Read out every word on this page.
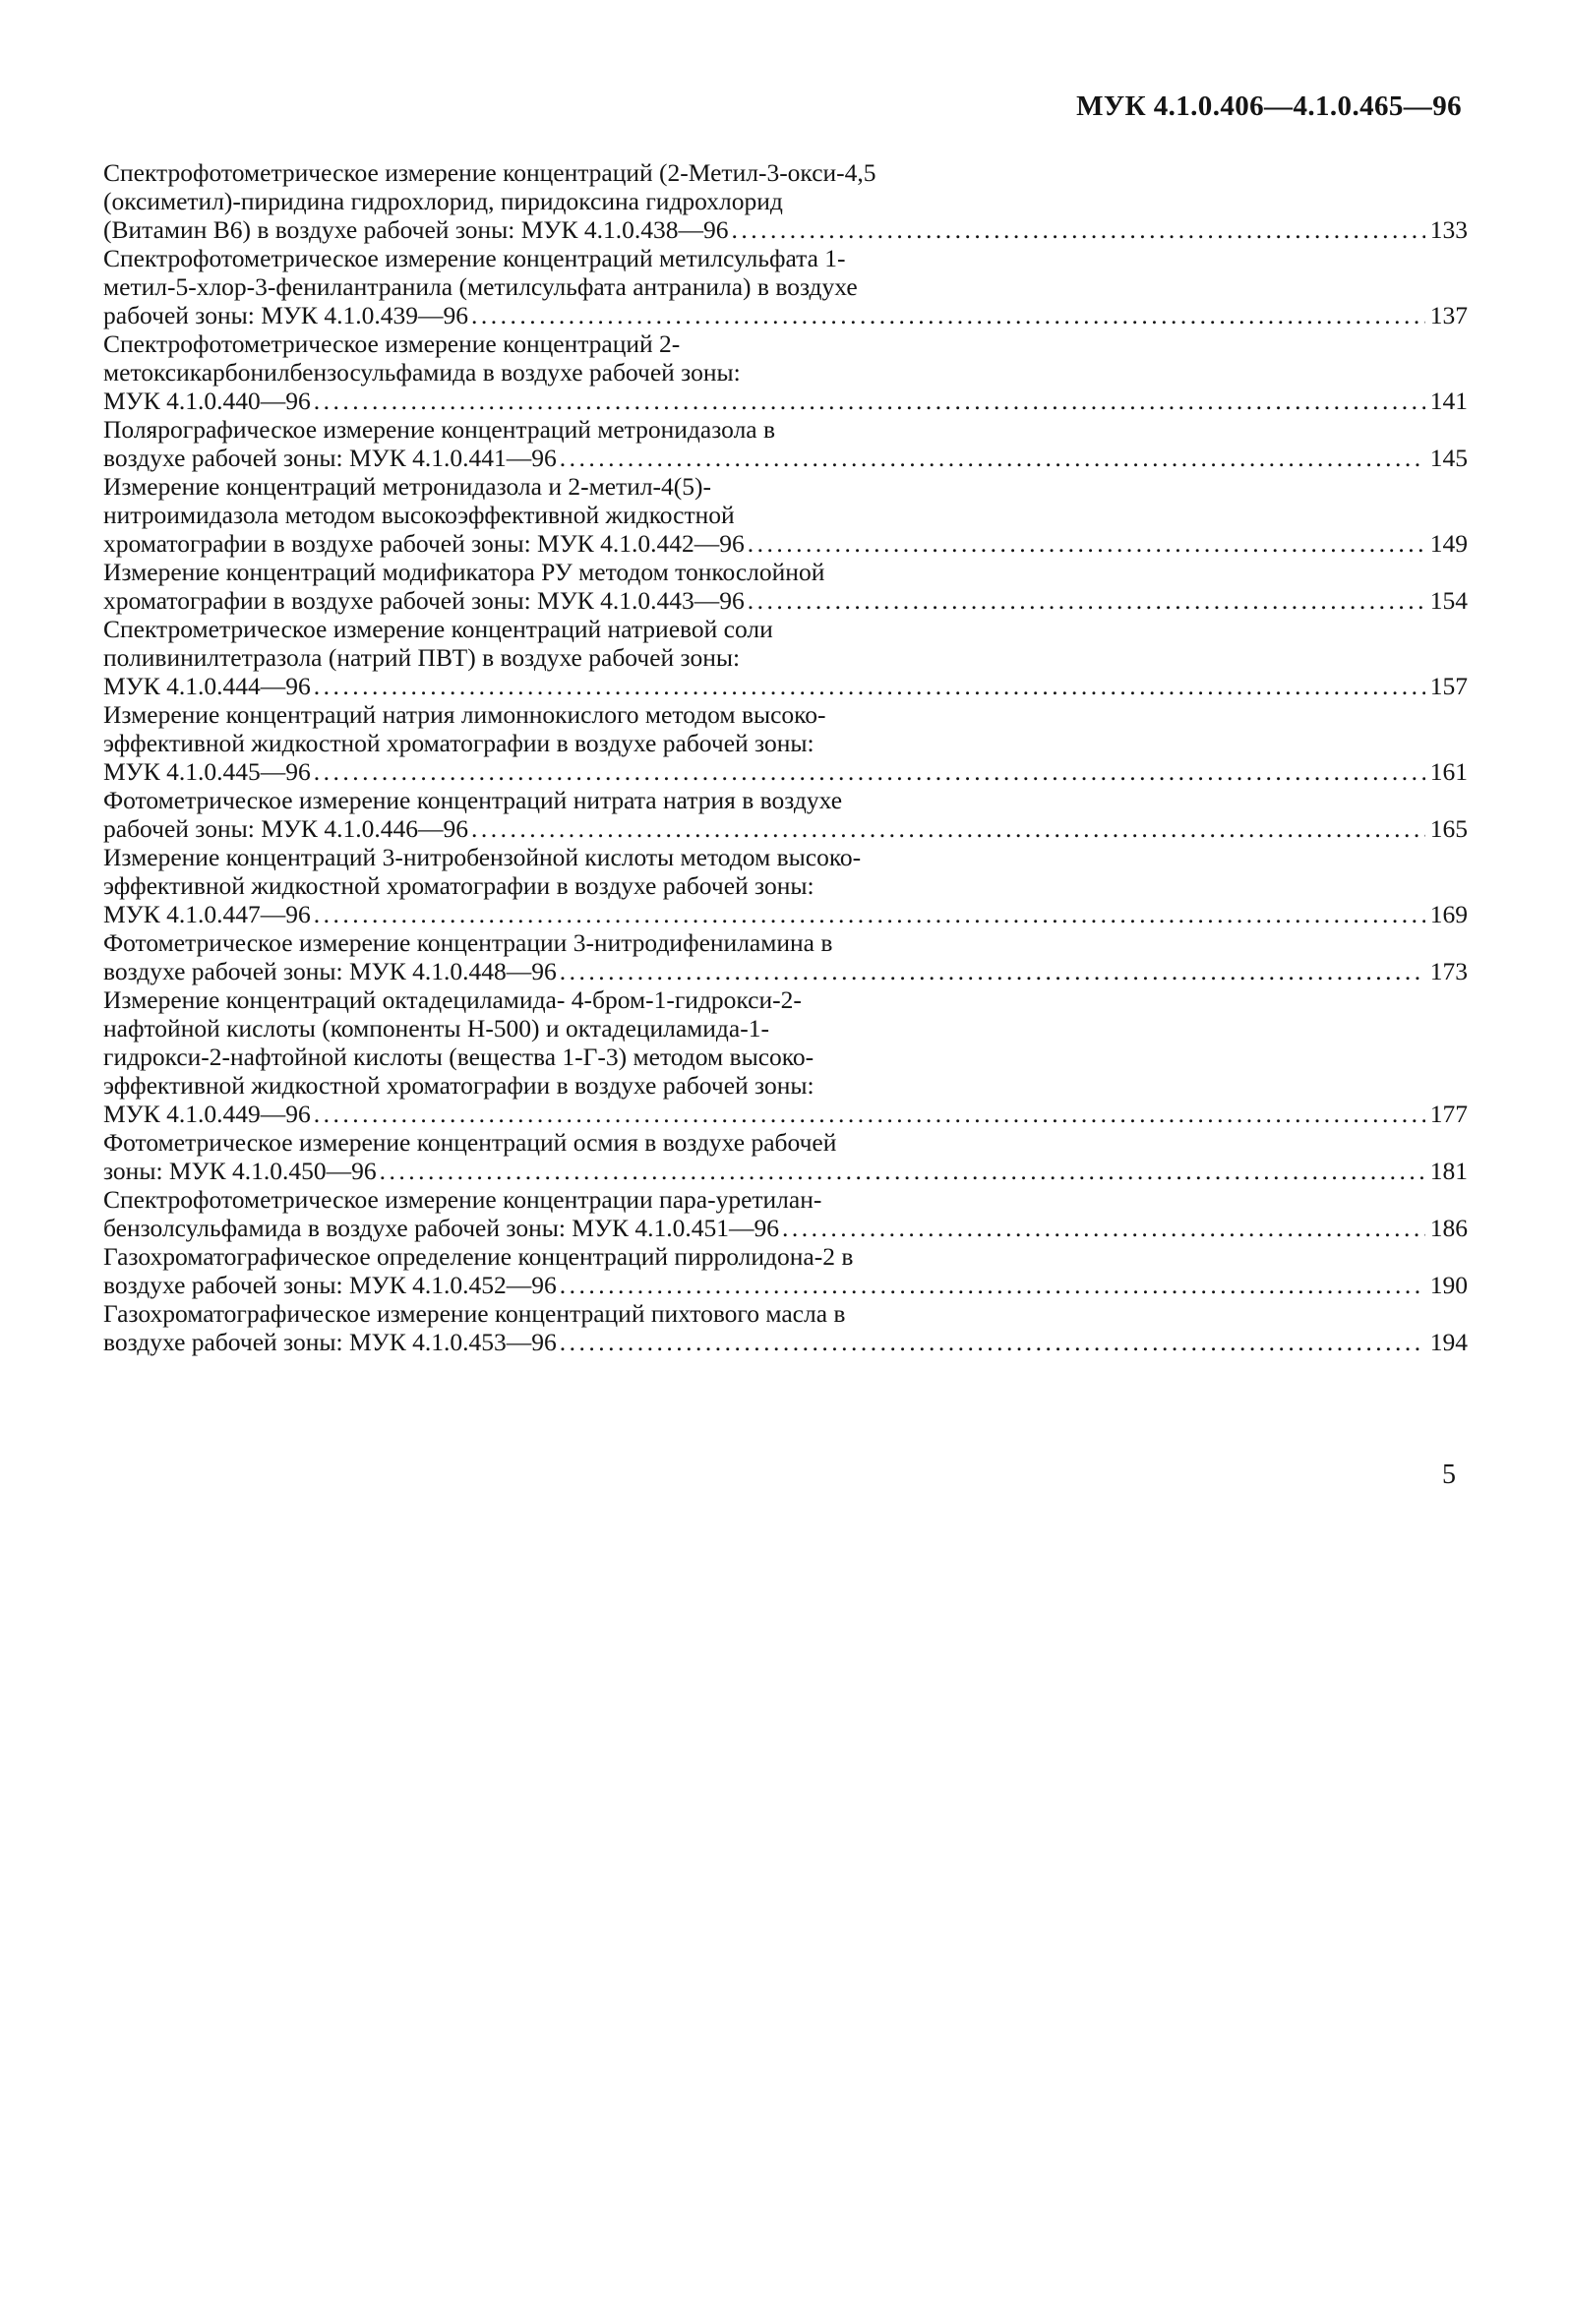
МУК 4.1.0.406—4.1.0.465—96
Спектрофотометрическое измерение концентраций (2-Метил-3-окси-4,5
(оксиметил)-пиридина гидрохлорид, пиридоксина гидрохлорид
(Витамин В6) в воздухе рабочей зоны: МУК 4.1.0.438—96 .....	133
Спектрофотометрическое измерение концентраций метилсульфата 1-
метил-5-хлор-3-фенилантранила (метилсульфата антранила) в воздухе
рабочей зоны: МУК 4.1.0.439—96 .....	137
Спектрофотометрическое измерение концентраций 2-
метоксикарбонилбензосульфамида в воздухе рабочей зоны:
МУК 4.1.0.440—96 .....	141
Полярографическое измерение концентраций метронидазола в
воздухе рабочей зоны: МУК 4.1.0.441—96 .....	145
Измерение концентраций метронидазола и 2-метил-4(5)-
нитроимидазола методом высокоэффективной жидкостной
хроматографии в воздухе рабочей зоны: МУК 4.1.0.442—96 .....	149
Измерение концентраций модификатора РУ методом тонкослойной
хроматографии в воздухе рабочей зоны: МУК 4.1.0.443—96 .....	154
Спектрометрическое измерение концентраций натриевой соли
поливинилтетразола (натрий ПВТ) в воздухе рабочей зоны:
МУК 4.1.0.444—96 .....	157
Измерение концентраций натрия лимоннокислого методом высоко-
эффективной жидкостной хроматографии в воздухе рабочей зоны:
МУК 4.1.0.445—96 .....	161
Фотометрическое измерение концентраций нитрата натрия в воздухе
рабочей зоны: МУК 4.1.0.446—96 .....	165
Измерение концентраций 3-нитробензойной кислоты методом высоко-
эффективной жидкостной хроматографии в воздухе рабочей зоны:
МУК 4.1.0.447—96 .....	169
Фотометрическое измерение концентрации 3-нитродифениламина в
воздухе рабочей зоны: МУК 4.1.0.448—96 .....	173
Измерение концентраций октадециламида- 4-бром-1-гидрокси-2-
нафтойной кислоты (компоненты Н-500) и октадециламида-1-
гидрокси-2-нафтойной кислоты (вещества 1-Г-3) методом высоко-
эффективной жидкостной хроматографии в воздухе рабочей зоны:
МУК 4.1.0.449—96 .....	177
Фотометрическое измерение концентраций осмия в воздухе рабочей
зоны: МУК 4.1.0.450—96 .....	181
Спектрофотометрическое измерение концентрации пара-уретилан-
бензолсульфамида в воздухе рабочей зоны: МУК 4.1.0.451—96 .....	186
Газохроматографическое определение концентраций пирролидона-2 в
воздухе рабочей зоны: МУК 4.1.0.452—96 .....	190
Газохроматографическое измерение концентраций пихтового масла в
воздухе рабочей зоны: МУК 4.1.0.453—96 .....	194
5
